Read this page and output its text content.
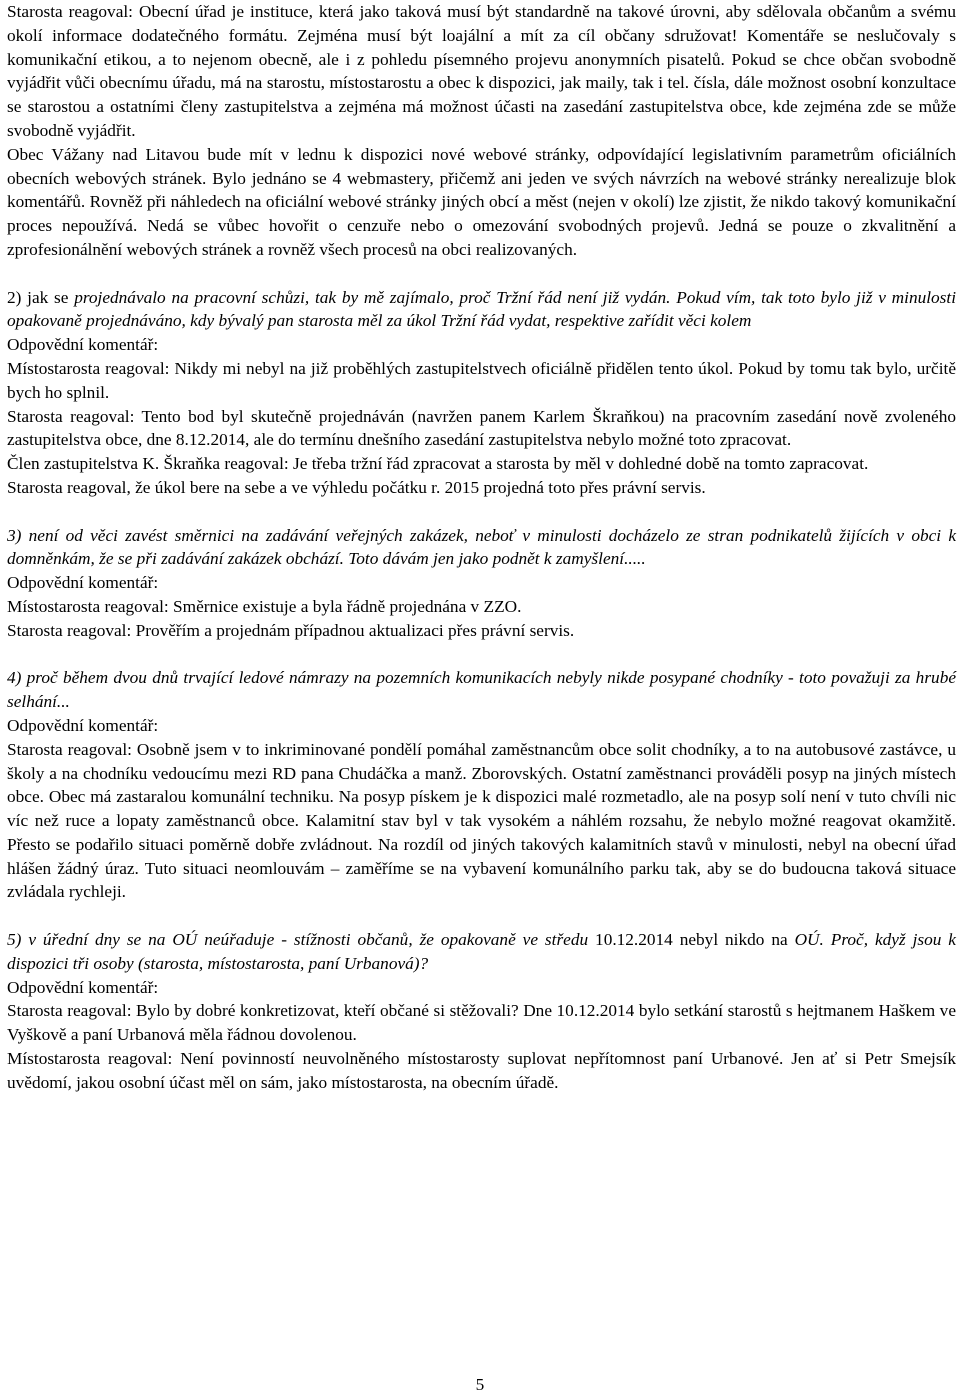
Starosta reagoval: Obecní úřad je instituce, která jako taková musí být standardně na takové úrovni, aby sdělovala občanům a svému okolí informace dodatečného formátu. Zejména musí být loajální a mít za cíl občany sdružovat! Komentáře se neslučovaly s komunikační etikou, a to nejenom obecně, ale i z pohledu písemného projevu anonymních pisatelů. Pokud se chce občan svobodně vyjádřit vůči obecnímu úřadu, má na starostu, místostarostu a obec k dispozici, jak maily, tak i tel. čísla, dále možnost osobní konzultace se starostou a ostatními členy zastupitelstva a zejména má možnost účasti na zasedání zastupitelstva obce, kde zejména zde se může svobodně vyjádřit.

Obec Vážany nad Litavou bude mít v lednu k dispozici nové webové stránky, odpovídající legislativním parametrům oficiálních obecních webových stránek. Bylo jednáno se 4 webmastery, přičemž ani jeden ve svých návrzích na webové stránky nerealizuje blok komentářů. Rovněž při náhledech na oficiální webové stránky jiných obcí a měst (nejen v okolí) lze zjistit, že nikdo takový komunikační proces nepoužívá. Nedá se vůbec hovořit o cenzuře nebo o omezování svobodných projevů. Jedná se pouze o zkvalitnění a zprofesionálnění webových stránek a rovněž všech procesů na obci realizovaných.

2) jak se projednávalo na pracovní schůzi, tak by mě zajímalo, proč Tržní řád není již vydán. Pokud vím, tak toto bylo již v minulosti opakovaně projednáváno, kdy bývalý pan starosta měl za úkol Tržní řád vydat, respektive zařídit věci kolem

Odpovědní komentář:

Místostarosta reagoval: Nikdy mi nebyl na již proběhlých zastupitelstvech oficiálně přidělen tento úkol. Pokud by tomu tak bylo, určitě bych ho splnil.

Starosta reagoval: Tento bod byl skutečně projednáván (navržen panem Karlem Škraňkou) na pracovním zasedání nově zvoleného zastupitelstva obce, dne 8.12.2014, ale do termínu dnešního zasedání zastupitelstva nebylo možné toto zpracovat.

Člen zastupitelstva K. Škraňka reagoval: Je třeba tržní řád zpracovat a starosta by měl v dohledné době na tomto zapracovat.

Starosta reagoval, že úkol bere na sebe a ve výhledu počátku r. 2015 projedná toto přes právní servis.

3) není od věci zavést směrnici na zadávání veřejných zakázek, neboť v minulosti docházelo ze stran podnikatelů žijících v obci k domněnkám, že se při zadávání zakázek obchází. Toto dávám jen jako podnět k zamyšlení.....

Odpovědní komentář:

Místostarosta reagoval: Směrnice existuje a byla řádně projednána v ZZO.

Starosta reagoval: Prověřím a projednám případnou aktualizaci přes právní servis.

4) proč během dvou dnů trvající ledové námrazy na pozemních komunikacích nebyly nikde posypané chodníky - toto považuji za hrubé selhání...

Odpovědní komentář:

Starosta reagoval: Osobně jsem v to inkriminované pondělí pomáhal zaměstnancům obce solit chodníky, a to na autobusové zastávce, u školy a na chodníku vedoucímu mezi RD pana Chudáčka a manž. Zborovských. Ostatní zaměstnanci prováděli posyp na jiných místech obce. Obec má zastaralou komunální techniku. Na posyp pískem je k dispozici malé rozmetadlo, ale na posyp solí není v tuto chvíli nic víc než ruce a lopaty zaměstnanců obce. Kalamitní stav byl v tak vysokém a náhlém rozsahu, že nebylo možné reagovat okamžitě. Přesto se podařilo situaci poměrně dobře zvládnout. Na rozdíl od jiných takových kalamitních stavů v minulosti, nebyl na obecní úřad hlášen žádný úraz. Tuto situaci neomlouvám – zaměříme se na vybavení komunálního parku tak, aby se do budoucna taková situace zvládala rychleji.

5) v úřední dny se na OÚ neúřaduje - stížnosti občanů, že opakovaně ve středu 10.12.2014 nebyl nikdo na OÚ. Proč, když jsou k dispozici tři osoby (starosta, místostarosta, paní Urbanová)?

Odpovědní komentář:

Starosta reagoval: Bylo by dobré konkretizovat, kteří občané si stěžovali? Dne 10.12.2014 bylo setkání starostů s hejtmanem Haškem ve Vyškově a paní Urbanová měla řádnou dovolenou.

Místostarosta reagoval: Není povinností neuvolněného místostarosty suplovat nepřítomnost paní Urbanové. Jen ať si Petr Smejsík uvědomí, jakou osobní účast měl on sám, jako místostarosta, na obecním úřadě.

5
